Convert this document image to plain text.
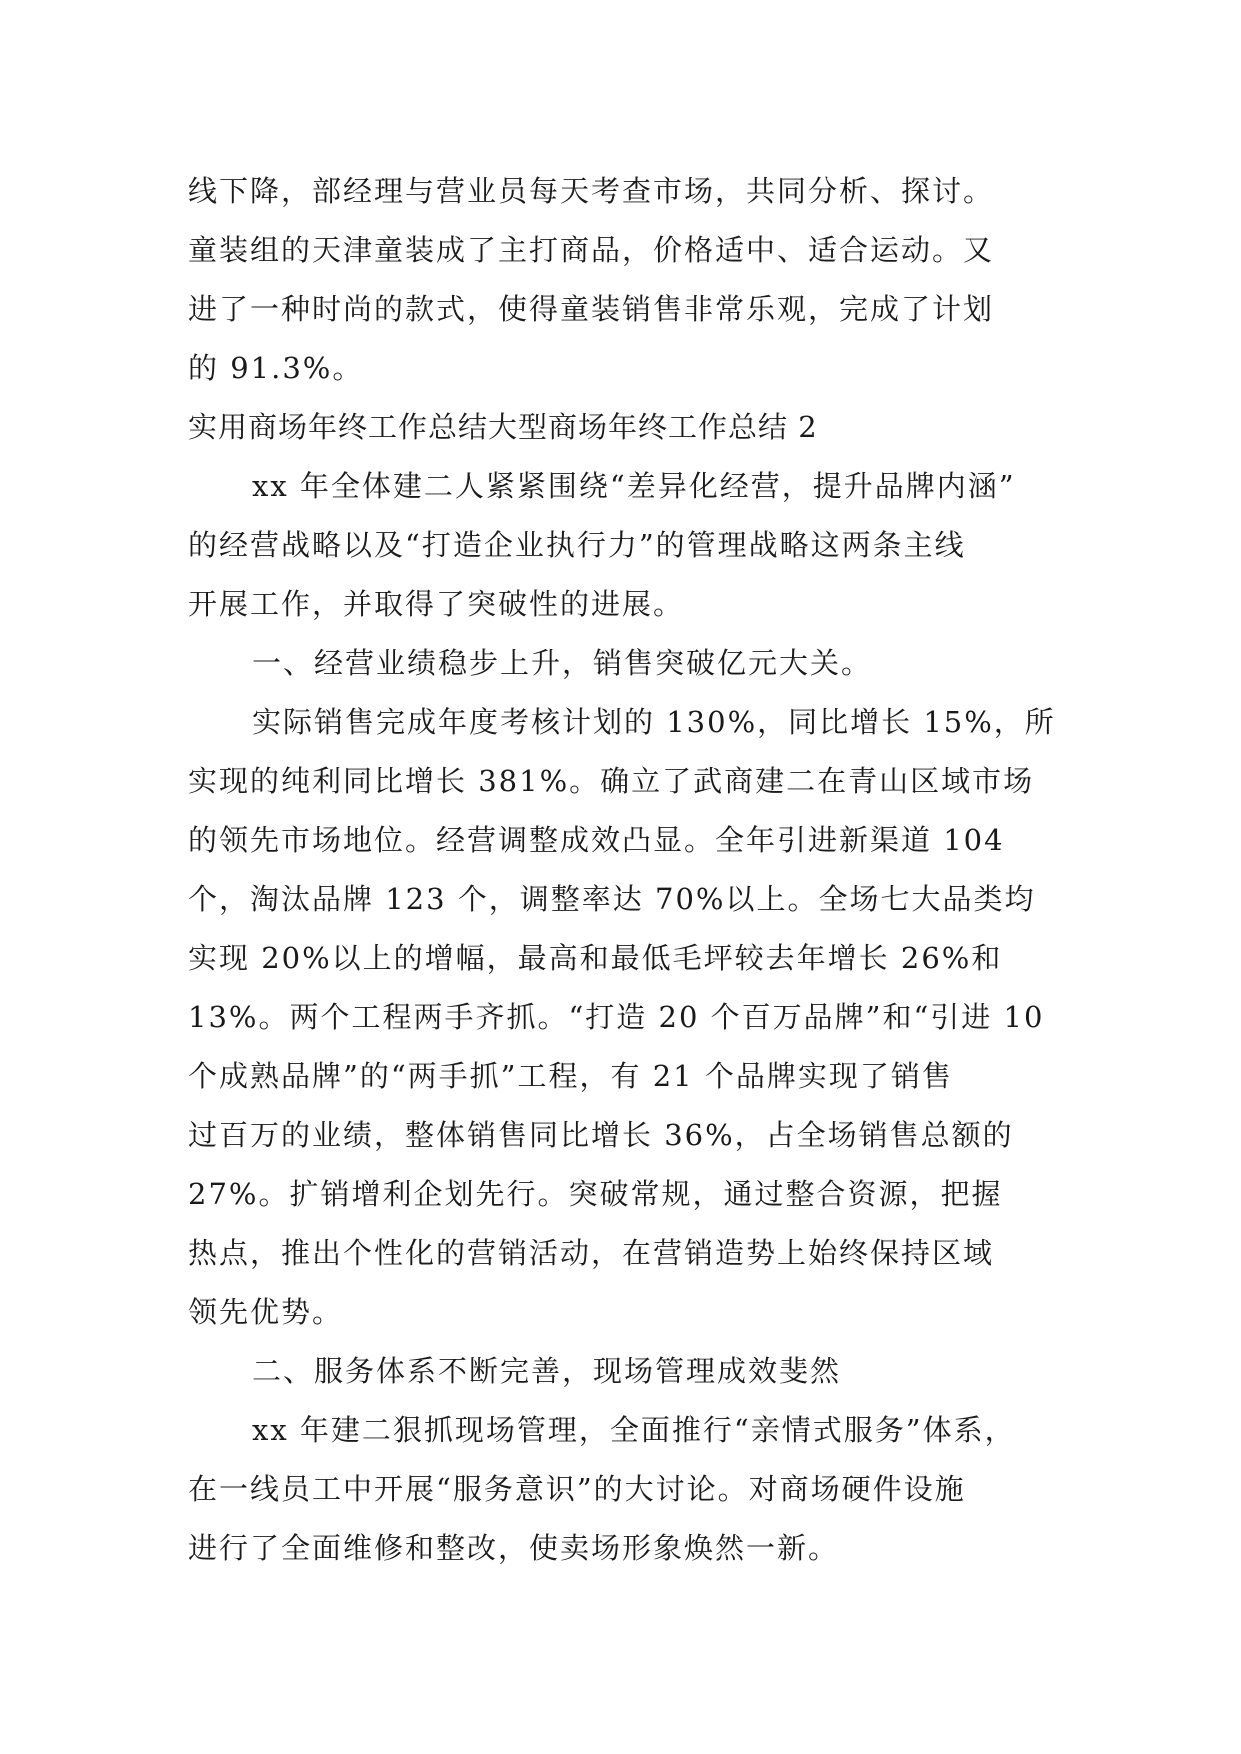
线下降，部经理与营业员每天考查市场，共同分析、探讨。
童装组的天津童装成了主打商品，价格适中、适合运动。又
进了一种时尚的款式，使得童装销售非常乐观，完成了计划
的 91.3%。
实用商场年终工作总结大型商场年终工作总结 2
xx 年全体建二人紧紧围绕“差异化经营，提升品牌内涵”
的经营战略以及“打造企业执行力”的管理战略这两条主线
开展工作，并取得了突破性的进展。
一、经营业绩稳步上升，销售突破亿元大关。
实际销售完成年度考核计划的 130%，同比增长 15%，所
实现的纯利同比增长 381%。确立了武商建二在青山区域市场
的领先市场地位。经营调整成效凸显。全年引进新渠道 104
个，淘汰品牌 123 个，调整率达 70%以上。全场七大品类均
实现 20%以上的增幅，最高和最低毛坪较去年增长 26%和
13%。两个工程两手齐抓。“打造 20 个百万品牌”和“引进 10
个成熟品牌”的“两手抓”工程，有 21 个品牌实现了销售
过百万的业绩，整体销售同比增长 36%，占全场销售总额的
27%。扩销增利企划先行。突破常规，通过整合资源，把握
热点，推出个性化的营销活动，在营销造势上始终保持区域
领先优势。
二、服务体系不断完善，现场管理成效斐然
xx 年建二狠抓现场管理，全面推行“亲情式服务”体系，
在一线员工中开展“服务意识”的大讨论。对商场硬件设施
进行了全面维修和整改，使卖场形象焕然一新。
